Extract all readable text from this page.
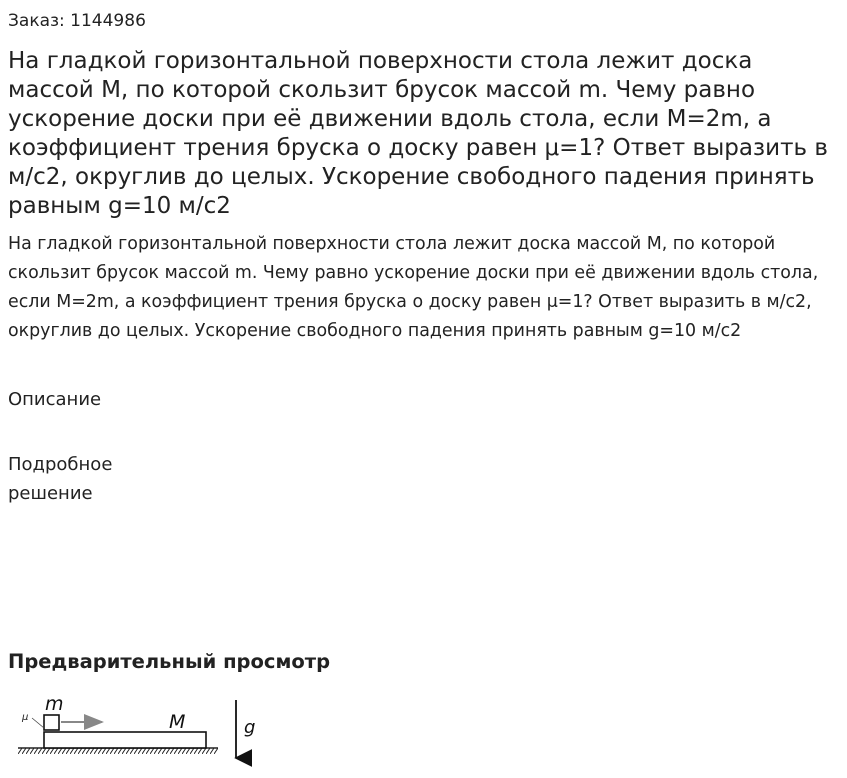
Заказ: 1144986
На гладкой горизонтальной поверхности стола лежит доска массой М, по которой скользит брусок массой m. Чему равно ускорение доски при её движении вдоль стола, если М=2m, а коэффициент трения бруска о доску равен μ=1? Ответ выразить в м/с2, округлив до целых. Ускорение свободного падения принять равным g=10 м/с2

На гладкой горизонтальной поверхности стола лежит доска массой М, по которой скользит брусок массой m. Чему равно ускорение доски при её движении вдоль стола, если М=2m, а коэффициент трения бруска о доску равен μ=1? Ответ выразить в м/с2, округлив до целых. Ускорение свободного падения принять равным g=10 м/с2

Описание
Подробное решение
Предварительный просмотр
μ
m
M	g
